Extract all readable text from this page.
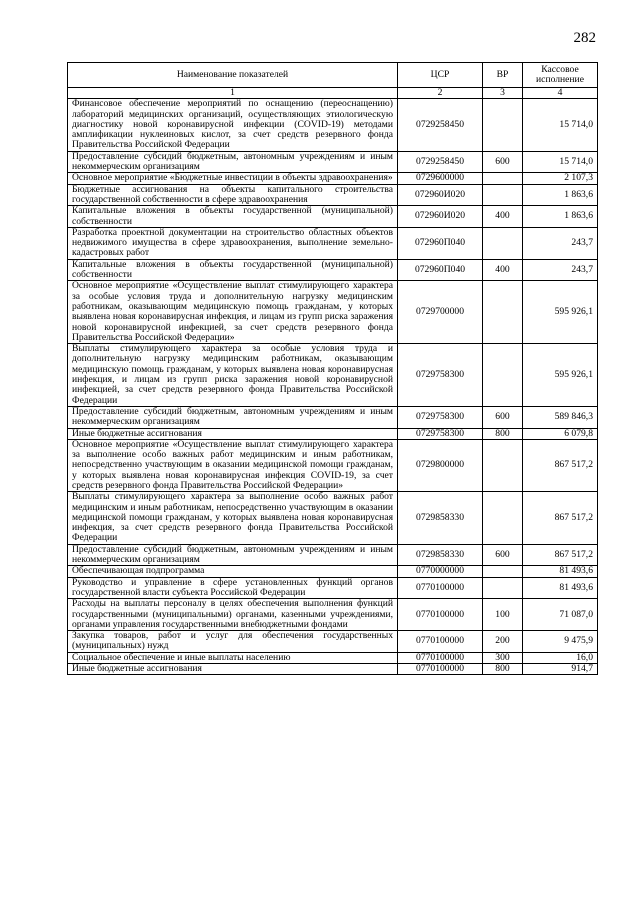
282
Наименование показателей	ЦСР	ВР	Кассовое исполнение
1	2	3	4
Финансовое обеспечение мероприятий по оснащению (переоснащению) лабораторий медицинских организаций, осуществляющих этиологическую диагностику новой коронавирусной инфекции (COVID-19) методами амплификации нуклеиновых кислот, за счет средств резервного фонда Правительства Российской Федерации	0729258450		15 714,0
Предоставление субсидий бюджетным, автономным учреждениям и иным некоммерческим организациям	0729258450	600	15 714,0
Основное мероприятие «Бюджетные инвестиции в объекты здравоохранения»	0729600000		2 107,3
Бюджетные ассигнования на объекты капитального строительства государственной собственности в сфере здравоохранения	072960И020		1 863,6
Капитальные вложения в объекты государственной (муниципальной) собственности	072960И020	400	1 863,6
Разработка проектной документации на строительство областных объектов недвижимого имущества в сфере здравоохранения, выполнение земельно-кадастровых работ	072960П040		243,7
Капитальные вложения в объекты государственной (муниципальной) собственности	072960П040	400	243,7
Основное мероприятие «Осуществление выплат стимулирующего характера за особые условия труда и дополнительную нагрузку медицинским работникам, оказывающим медицинскую помощь гражданам, у которых выявлена новая коронавирусная инфекция, и лицам из групп риска заражения новой коронавирусной инфекцией, за счет средств резервного фонда Правительства Российской Федерации»	0729700000		595 926,1
Выплаты стимулирующего характера за особые условия труда и дополнительную нагрузку медицинским работникам, оказывающим медицинскую помощь гражданам, у которых выявлена новая коронавирусная инфекция, и лицам из групп риска заражения новой коронавирусной инфекцией, за счет средств резервного фонда Правительства Российской Федерации	0729758300		595 926,1
Предоставление субсидий бюджетным, автономным учреждениям и иным некоммерческим организациям	0729758300	600	589 846,3
Иные бюджетные ассигнования	0729758300	800	6 079,8
Основное мероприятие «Осуществление выплат стимулирующего характера за выполнение особо важных работ медицинским и иным работникам, непосредственно участвующим в оказании медицинской помощи гражданам, у которых выявлена новая коронавирусная инфекция COVID-19, за счет средств резервного фонда Правительства Российской Федерации»	0729800000		867 517,2
Выплаты стимулирующего характера за выполнение особо важных работ медицинским и иным работникам, непосредственно участвующим в оказании медицинской помощи гражданам, у которых выявлена новая коронавирусная инфекция, за счет средств резервного фонда Правительства Российской Федерации	0729858330		867 517,2
Предоставление субсидий бюджетным, автономным учреждениям и иным некоммерческим организациям	0729858330	600	867 517,2
Обеспечивающая подпрограмма	0770000000		81 493,6
Руководство и управление в сфере установленных функций органов государственной власти субъекта Российской Федерации	0770100000		81 493,6
Расходы на выплаты персоналу в целях обеспечения выполнения функций государственными (муниципальными) органами, казенными учреждениями, органами управления государственными внебюджетными фондами	0770100000	100	71 087,0
Закупка товаров, работ и услуг для обеспечения государственных (муниципальных) нужд	0770100000	200	9 475,9
Социальное обеспечение и иные выплаты населению	0770100000	300	16,0
Иные бюджетные ассигнования	0770100000	800	914,7
